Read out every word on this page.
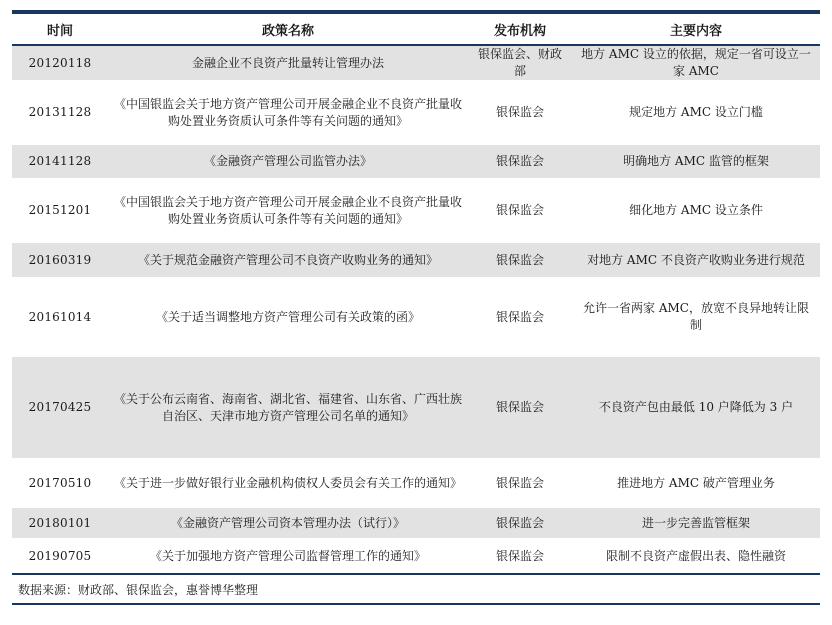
时间	政策名称	发布机构	主要内容
20120118	金融企业不良资产批量转让管理办法	银保监会、财政部	地方 AMC 设立的依据，规定一省可设立一家 AMC
20131128	《中国银监会关于地方资产管理公司开展金融企业不良资产批量收购处置业务资质认可条件等有关问题的通知》	银保监会	规定地方 AMC 设立门槛
20141128	《金融资产管理公司监管办法》	银保监会	明确地方 AMC 监管的框架
20151201	《中国银监会关于地方资产管理公司开展金融企业不良资产批量收购处置业务资质认可条件等有关问题的通知》	银保监会	细化地方 AMC 设立条件
20160319	《关于规范金融资产管理公司不良资产收购业务的通知》	银保监会	对地方 AMC 不良资产收购业务进行规范
20161014	《关于适当调整地方资产管理公司有关政策的函》	银保监会	允许一省两家 AMC，放宽不良异地转让限制
20170425	《关于公布云南省、海南省、湖北省、福建省、山东省、广西壮族自治区、天津市地方资产管理公司名单的通知》	银保监会	不良资产包由最低 10 户降低为 3 户
20170510	《关于进一步做好银行业金融机构债权人委员会有关工作的通知》	银保监会	推进地方 AMC 破产管理业务
20180101	《金融资产管理公司资本管理办法（试行）》	银保监会	进一步完善监管框架
20190705	《关于加强地方资产管理公司监督管理工作的通知》	银保监会	限制不良资产虚假出表、隐性融资
数据来源：财政部、银保监会，惠誉博华整理
